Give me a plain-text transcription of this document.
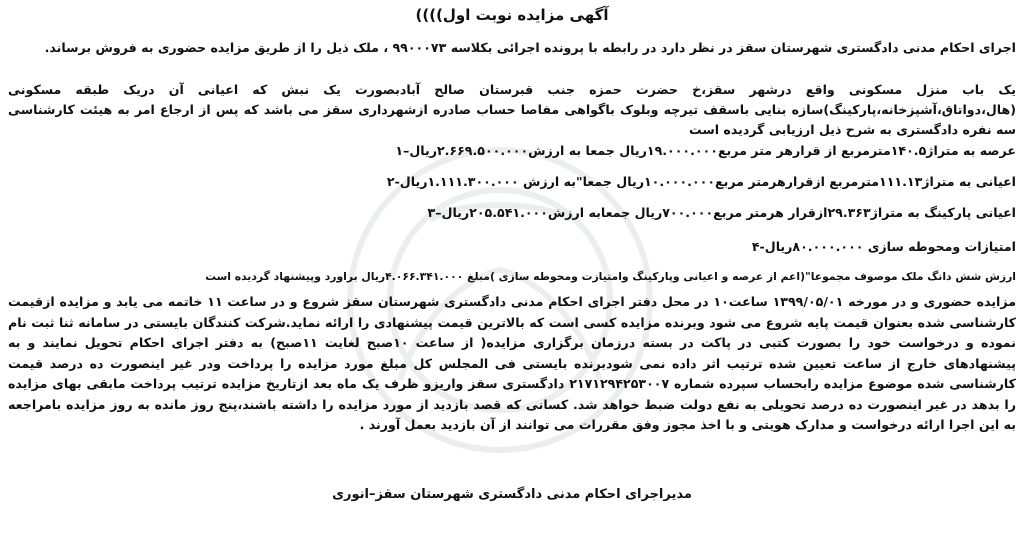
آگهی مزایده نوبت اول))))

اجرای احکام مدنی دادگستری شهرستان سقز در نظر دارد در رابطه با پرونده اجرائی بکلاسه ۹۹۰۰۰۷۳ ، ملک ذیل را از طریق مزایده حضوری به فروش برساند.

یک باب منزل مسکونی واقع درشهر سقز،خ حضرت حمزه جنب قبرستان صالح آبادبصورت یک نبش که اعیانی آن دریک طبقه مسکونی (هال،دواتاق،آشپزخانه،پارکینگ)سازه بنایی باسقف تیرچه وبلوک باگواهی مفاصا حساب صادره ازشهرداری سقز می باشد که پس از ارجاع امر به هیئت کارشناسی سه نفره دادگستری به شرح ذیل ارزیابی گردیده است

عرصه به متراژ۱۴۰.۵مترمربع از قرارهر متر مربع۱۹.۰۰۰.۰۰۰ریال جمعا به ارزش۲.۶۶۹.۵۰۰.۰۰۰ریال–۱
اعیانی به متراژ۱۱۱.۱۳مترمربع ازقرارهرمتر مربع۱۰.۰۰۰.۰۰۰ریال جمعا"به ارزش ۱.۱۱۱.۳۰۰.۰۰۰ریال-۲
اعیانی پارکینگ به متراژ۲۹.۳۶۳ازقرار هرمتر مربع۷۰۰.۰۰۰ریال جمعابه ارزش۲۰۵.۵۴۱.۰۰۰ریال–۳
امتیازات ومحوطه سازی ۸۰.۰۰۰.۰۰۰ریال-۴
ارزش شش دانگ ملک موصوف مجموعا"(اعم از عرصه و اعیانی وپارکینگ وامتیازت ومحوطه سازی )مبلغ ۴.۰۶۶.۳۴۱.۰۰۰ریال براورد وپیشنهاد گردیده است

مزایده حضوری و در مورخه ۱۳۹۹/۰۵/۰۱ ساعت۱۰ در محل دفتر اجرای احکام مدنی دادگستری شهرستان سقز شروع و در ساعت ۱۱ خاتمه می یابد و مزایده ازقیمت کارشناسی شده بعنوان قیمت پایه شروع می شود وبرنده مزایده کسی است که بالاترین قیمت پیشنهادی را ارائه نماید.شرکت کنندگان بایستی در سامانه ثنا ثبت نام نموده و درخواست خود را بصورت کتبی در پاکت در بسته درزمان برگزاری مزایده( از ساعت ۱۰صبح لغایت ۱۱صبح) به دفتر اجرای احکام تحویل نمایند و به پیشنهادهای خارج از ساعت تعیین شده ترتیب اثر داده نمی شودبرنده بایستی فی المجلس کل مبلغ مورد مزایده را پرداخت ودر غیر اینصورت ده درصد قیمت کارشناسی شده موضوع مزایده رابحساب سپرده شماره ۲۱۷۱۲۹۴۲۵۳۰۰۷ دادگستری سقز واریزو ظرف یک ماه بعد ازتاریخ مزایده ترتیب پرداخت مابقی بهای مزایده را بدهد در غیر اینصورت ده درصد تحویلی به نفع دولت ضبط خواهد شد. کسانی که قصد بازدید از مورد مزایده را داشته باشند،پنج روز مانده به روز مزایده بامراجعه به این اجرا ارائه درخواست و مدارک هویتی و با اخذ مجوز وفق مقررات می توانند از آن بازدید بعمل آورند .

مدیراجرای احکام مدنی دادگستری شهرستان سقز–انوری
